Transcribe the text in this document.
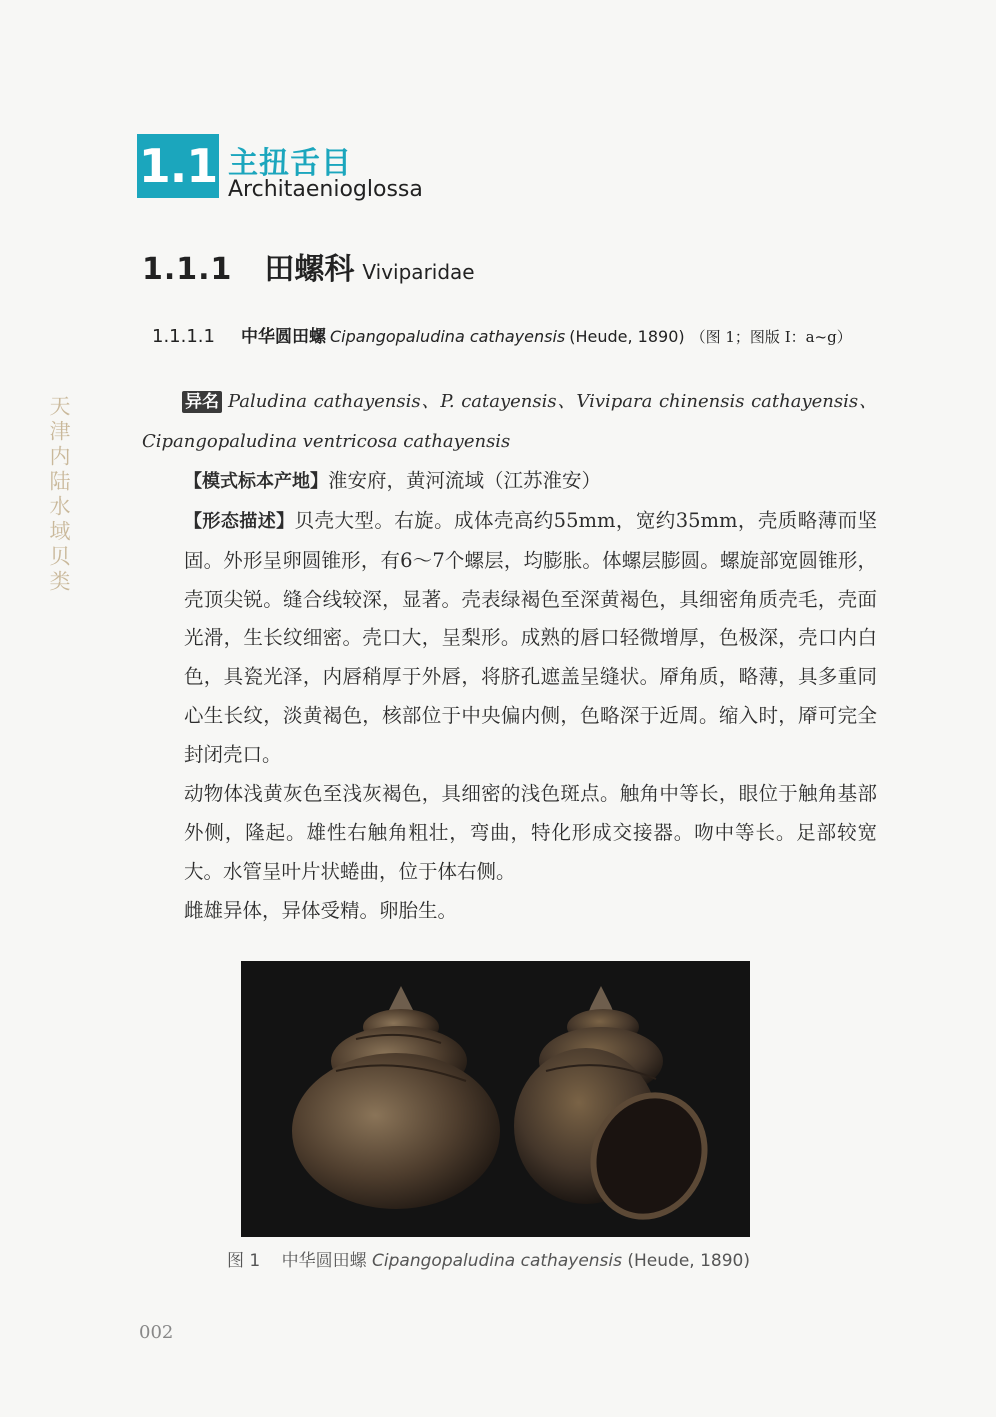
天津内陆水域贝类
1.1 主扭舌目
Architaenioglossa
1.1.1 田螺科 Viviparidae
1.1.1.1 中华圆田螺 Cipangopaludina cathayensis (Heude, 1890) （图 1；图版 Ⅰ：a~g）

异名 Paludina cathayensis、P. catayensis、Vivipara chinensis cathayensis、Cipangopaludina ventricosa cathayensis

【模式标本产地】淮安府，黄河流域（江苏淮安）

【形态描述】贝壳大型。右旋。成体壳高约55mm，宽约35mm，壳质略薄而坚固。外形呈卵圆锥形，有6～7个螺层，均膨胀。体螺层膨圆。螺旋部宽圆锥形，壳顶尖锐。缝合线较深，显著。壳表绿褐色至深黄褐色，具细密角质壳毛，壳面光滑，生长纹细密。壳口大，呈梨形。成熟的唇口轻微增厚，色极深，壳口内白色，具瓷光泽，内唇稍厚于外唇，将脐孔遮盖呈缝状。厣角质，略薄，具多重同心生长纹，淡黄褐色，核部位于中央偏内侧，色略深于近周。缩入时，厣可完全封闭壳口。

动物体浅黄灰色至浅灰褐色，具细密的浅色斑点。触角中等长，眼位于触角基部外侧，隆起。雄性右触角粗壮，弯曲，特化形成交接器。吻中等长。足部较宽大。水管呈叶片状蜷曲，位于体右侧。

雌雄异体，异体受精。卵胎生。

图 1 中华圆田螺 Cipangopaludina cathayensis (Heude, 1890)
002
